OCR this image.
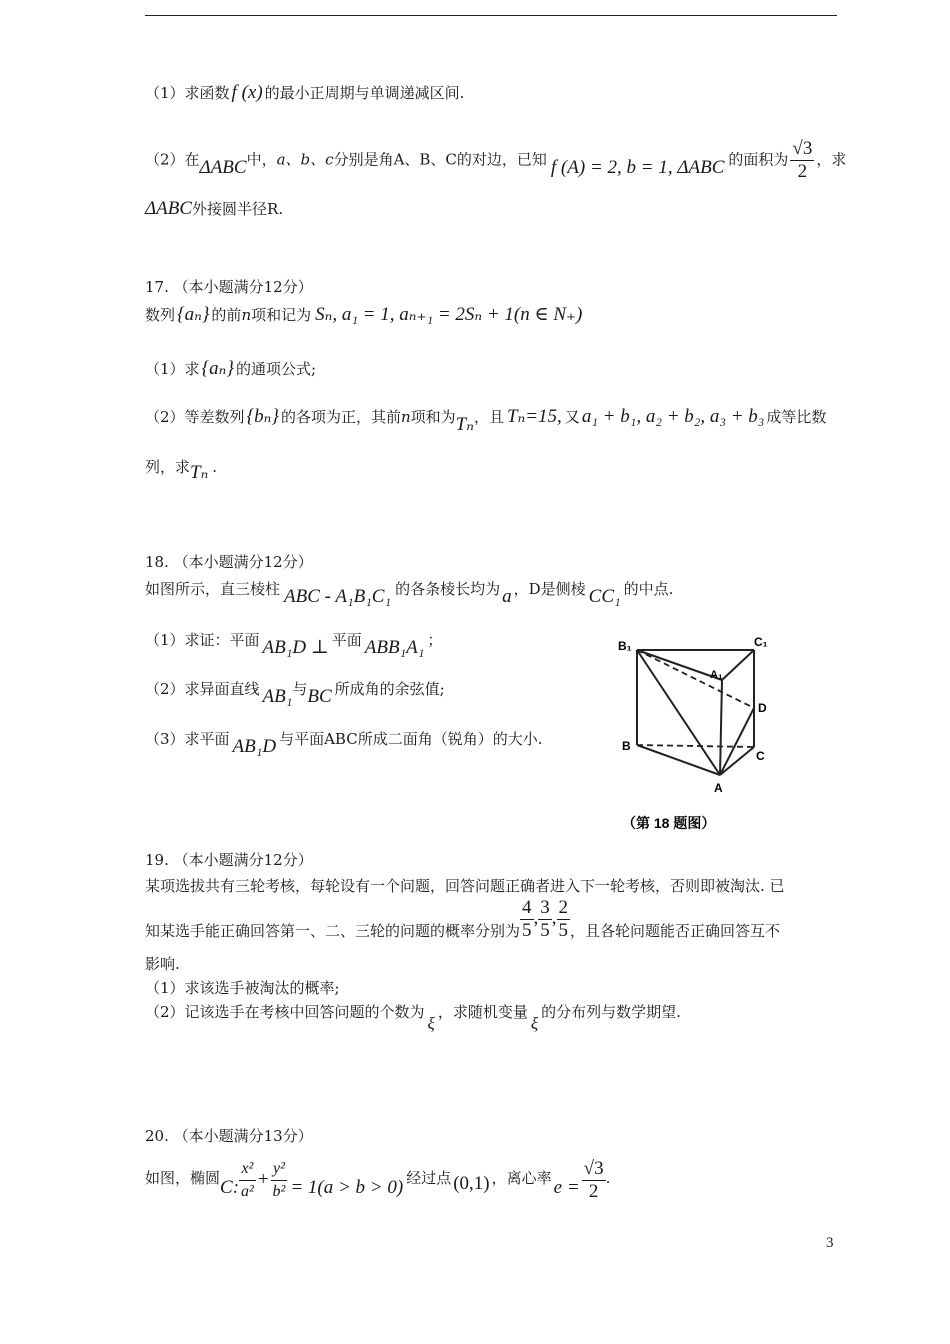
（1）求函数 f (x) 的最小正周期与单调递减区间.
（2）在ΔABC中，a、b、c分别是角A、B、C的对边，已知 f (A) = 2, b = 1, ΔABC 的面积为 $\frac{√3}{2}$ ，求
ΔABC外接圆半径R.
17. （本小题满分12分）
数列 {aₙ} 的前n项和记为 Sₙ, a₁ = 1, aₙ₊₁ = 2Sₙ + 1(n ∈ N₊)
（1）求 {aₙ} 的通项公式;
（2）等差数列 {bₙ} 的各项为正，其前n项和为Tₙ，且 Tₙ=15, 又 a₁ + b₁, a₂ + b₂, a₃ + b₃ 成等比数
列，求Tₙ .
18. （本小题满分12分）
如图所示，直三棱柱 ABC - A₁B₁C₁ 的各条棱长均为 a ，D是侧棱 CC₁ 的中点.
（1）求证：平面 AB₁D ⊥ 平面 ABB₁A₁ ；
（2）求异面直线 AB₁与BC 所成角的余弦值;
（3）求平面 AB₁D 与平面ABC所成二面角（锐角）的大小.
B₁	C₁
A₁
D
B
C
A
（第 18 题图）
19. （本小题满分12分）
某项选拔共有三轮考核，每轮设有一个问题，回答问题正确者进入下一轮考核，否则即被淘汰. 已
知某选手能正确回答第一、二、三轮的问题的概率分别为 $\frac{4}{5}$ , $\frac{3}{5}$ , $\frac{2}{5}$ ，且各轮问题能否正确回答互不
影响.
（1）求该选手被淘汰的概率;
（2）记该选手在考核中回答问题的个数为ξ，求随机变量ξ的分布列与数学期望.
20. （本小题满分13分）
如图，椭圆C: $\frac{\text{x²}}{\text{a²}} + \frac{\text{y²}}{\text{b²}} = 1(a > b > 0)$ 经过点 (0,1) ，离心率 $e = \frac{√3}{2}$ .
3
